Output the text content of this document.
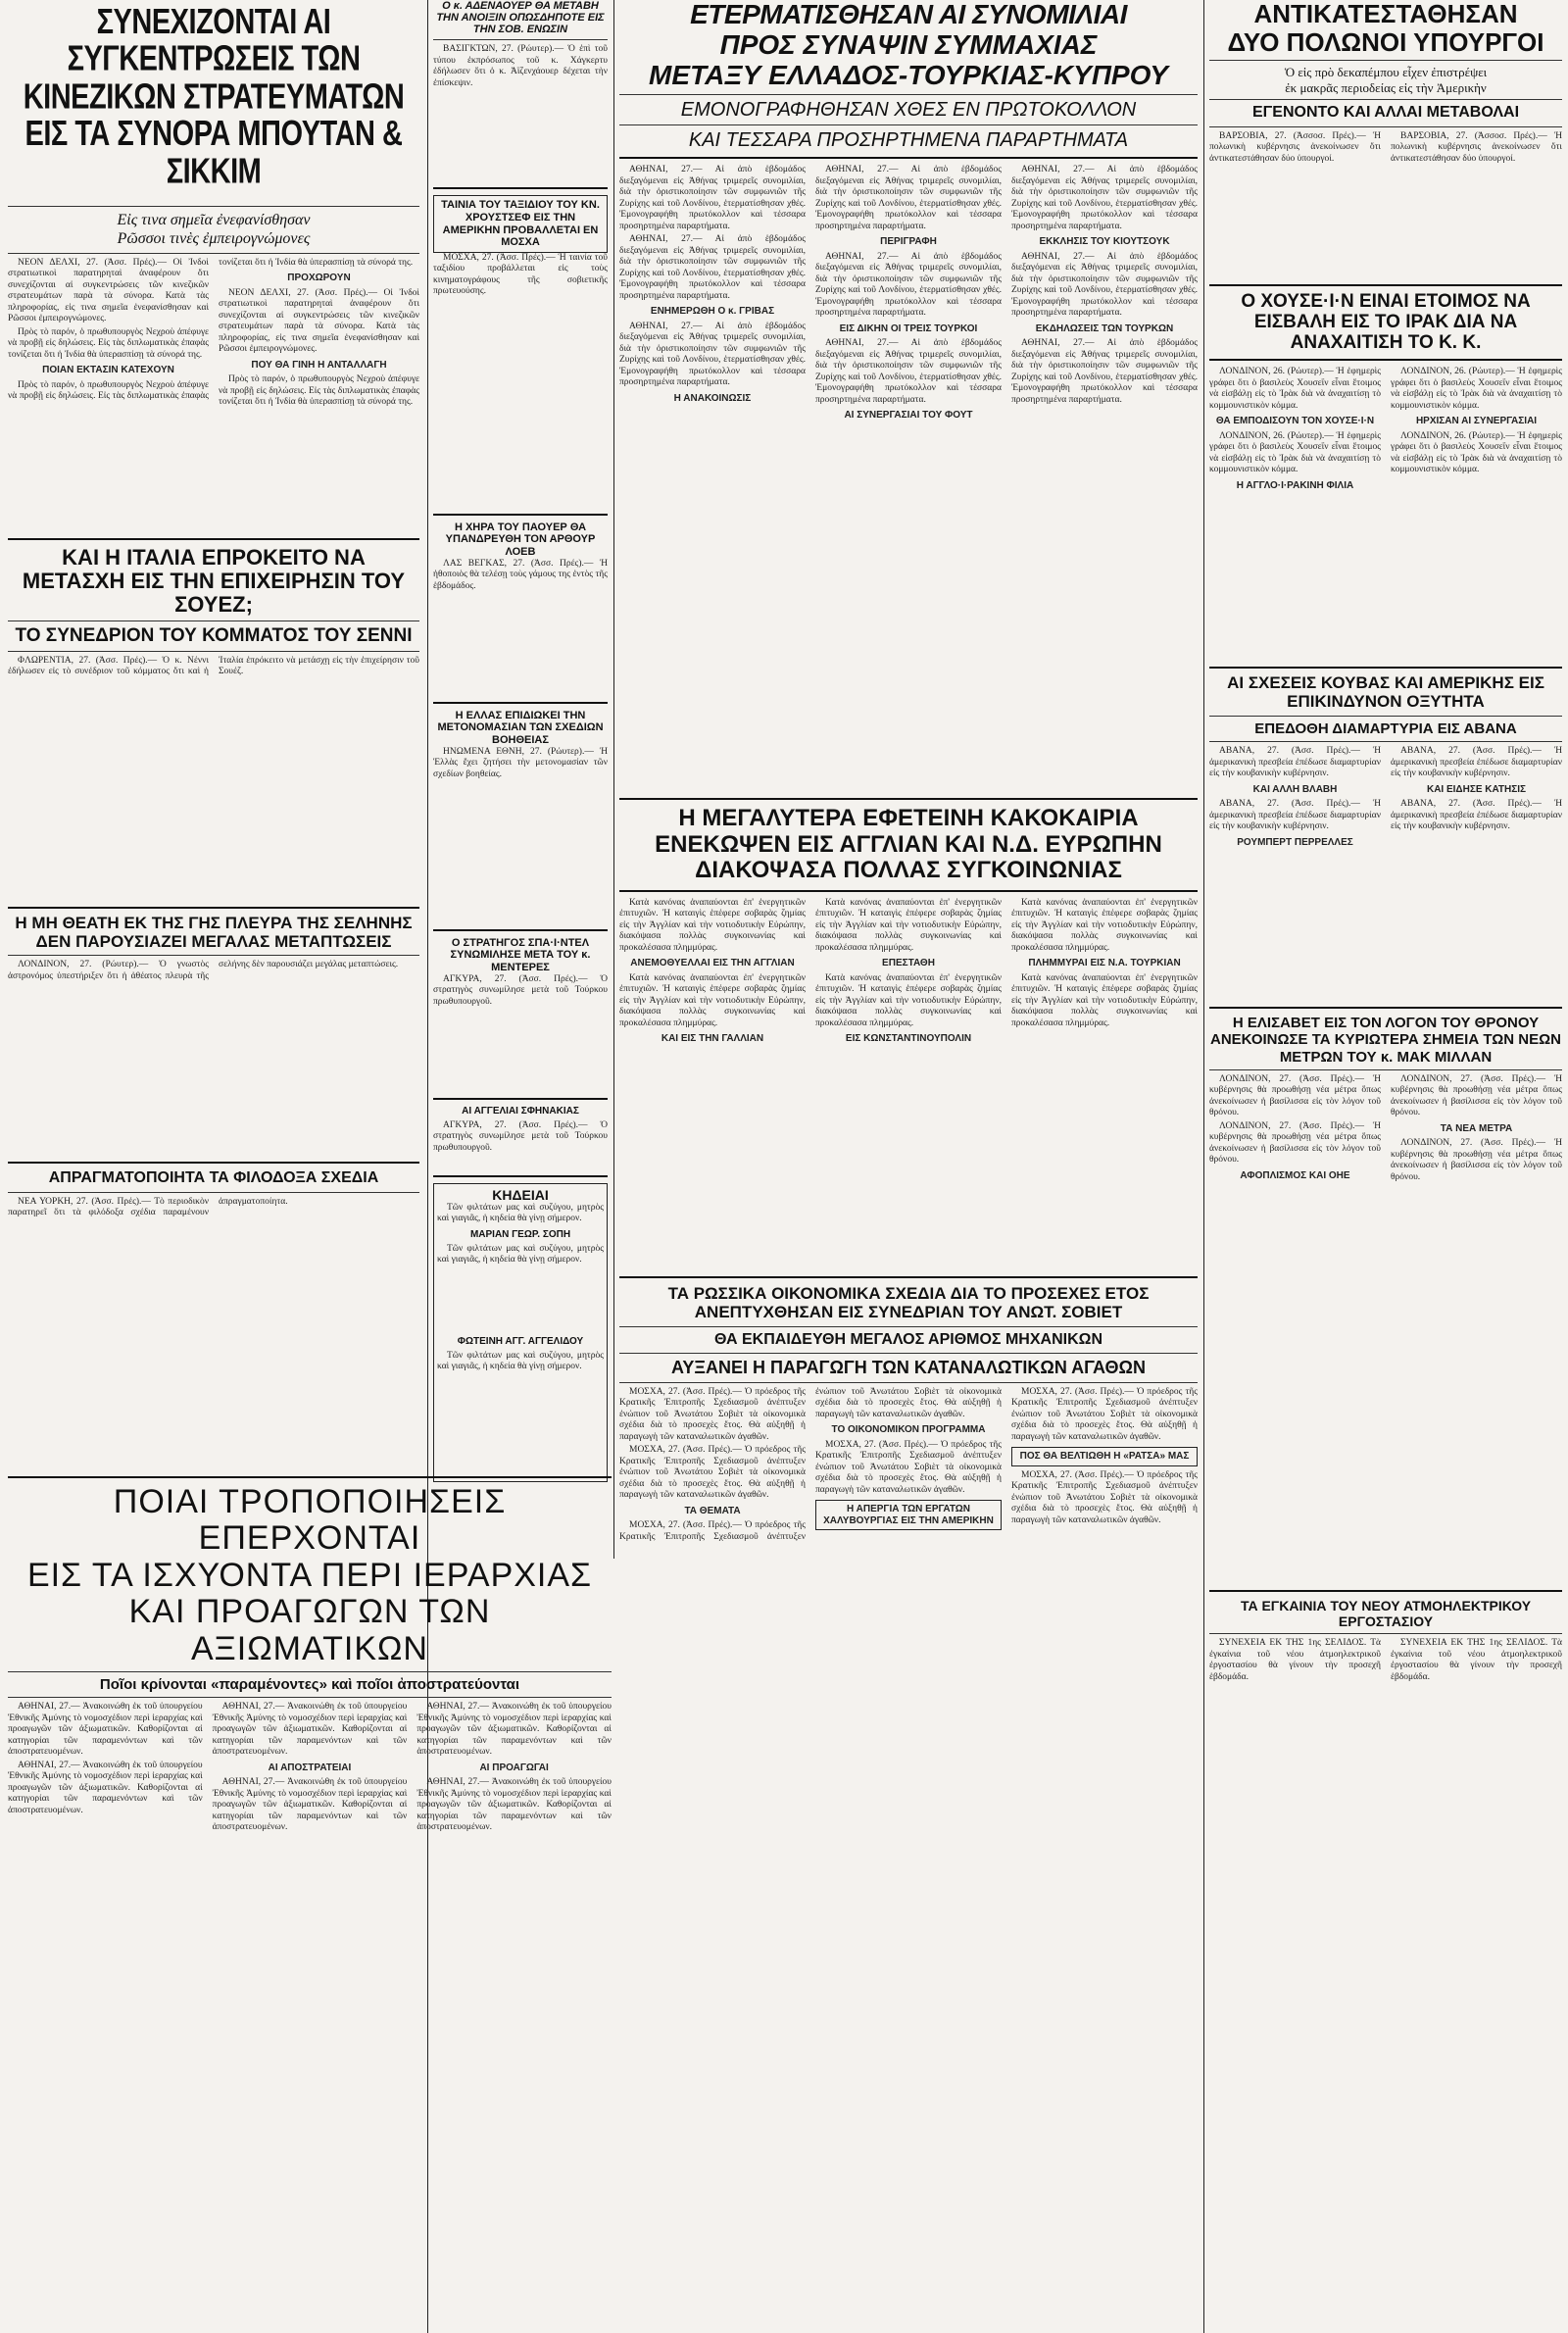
ΣΥΝΕΧΙΖΟΝΤΑΙ ΑΙ ΣΥΓΚΕΝΤΡΩΣΕΙΣ ΤΩΝ ΚΙΝΕΖΙΚΩΝ ΣΤΡΑΤΕΥΜΑΤΩΝ ΕΙΣ ΤΑ ΣΥΝΟΡΑ ΜΠΟΥΤΑΝ & ΣΙΚΚΙΜ
Εἰς τινα σημεῖα ἐνεφανίσθησαν
Ρῶσσοι τινὲς ἐμπειρογνώμονες

ΝΕΟΝ ΔΕΛΧΙ, 27. (Ἀσσ. Πρές).— Οἱ Ἰνδοὶ στρατιωτικοὶ παρατηρηταὶ ἀναφέρουν ὅτι συνεχίζονται αἱ συγκεντρώσεις τῶν κινεζικῶν στρατευμάτων παρὰ τὰ σύνορα. Κατὰ τὰς πληροφορίας, εἰς τινα σημεῖα ἐνεφανίσθησαν καὶ Ρῶσσοι ἐμπειρογνώμονες.

Πρὸς τὸ παρόν, ὁ πρωθυπουργὸς Νεχροὺ ἀπέφυγε νὰ προβῇ εἰς δηλώσεις. Εἰς τὰς διπλωματικὰς ἐπαφὰς τονίζεται ὅτι ἡ Ἰνδία θὰ ὑπερασπίσῃ τὰ σύνορά της.

ΠΟΙΑΝ ΕΚΤΑΣΙΝ ΚΑΤΕΧΟΥΝ

Πρὸς τὸ παρόν, ὁ πρωθυπουργὸς Νεχροὺ ἀπέφυγε νὰ προβῇ εἰς δηλώσεις. Εἰς τὰς διπλωματικὰς ἐπαφὰς τονίζεται ὅτι ἡ Ἰνδία θὰ ὑπερασπίσῃ τὰ σύνορά της.

ΠΡΟΧΩΡΟΥΝ

ΝΕΟΝ ΔΕΛΧΙ, 27. (Ἀσσ. Πρές).— Οἱ Ἰνδοὶ στρατιωτικοὶ παρατηρηταὶ ἀναφέρουν ὅτι συνεχίζονται αἱ συγκεντρώσεις τῶν κινεζικῶν στρατευμάτων παρὰ τὰ σύνορα. Κατὰ τὰς πληροφορίας, εἰς τινα σημεῖα ἐνεφανίσθησαν καὶ Ρῶσσοι ἐμπειρογνώμονες.

ΠΟΥ ΘΑ ΓΙΝΗ Η ΑΝΤΑΛΛΑΓΗ

Πρὸς τὸ παρόν, ὁ πρωθυπουργὸς Νεχροὺ ἀπέφυγε νὰ προβῇ εἰς δηλώσεις. Εἰς τὰς διπλωματικὰς ἐπαφὰς τονίζεται ὅτι ἡ Ἰνδία θὰ ὑπερασπίσῃ τὰ σύνορά της.

ΚΑΙ Η ΙΤΑΛΙΑ ΕΠΡΟΚΕΙΤΟ ΝΑ ΜΕΤΑΣΧΗ ΕΙΣ ΤΗΝ ΕΠΙΧΕΙΡΗΣΙΝ ΤΟΥ ΣΟΥΕΖ;
ΤΟ ΣΥΝΕΔΡΙΟΝ ΤΟΥ ΚΟΜΜΑΤΟΣ ΤΟΥ ΣΕΝΝΙ

ΦΛΩΡΕΝΤΙΑ, 27. (Ἀσσ. Πρές).— Ὁ κ. Νέννι ἐδήλωσεν εἰς τὸ συνέδριον τοῦ κόμματος ὅτι καὶ ἡ Ἰταλία ἐπρόκειτο νὰ μετάσχῃ εἰς τὴν ἐπιχείρησιν τοῦ Σουέζ.

Η ΜΗ ΘΕΑΤΗ ΕΚ ΤΗΣ ΓΗΣ ΠΛΕΥΡΑ ΤΗΣ ΣΕΛΗΝΗΣ ΔΕΝ ΠΑΡΟΥΣΙΑΖΕΙ ΜΕΓΑΛΑΣ ΜΕΤΑΠΤΩΣΕΙΣ

ΛΟΝΔΙΝΟΝ, 27. (Ρώυτερ).— Ὁ γνωστὸς ἀστρονόμος ὑπεστήριξεν ὅτι ἡ ἀθέατος πλευρὰ τῆς σελήνης δὲν παρουσιάζει μεγάλας μεταπτώσεις.

ΑΠΡΑΓΜΑΤΟΠΟΙΗΤΑ ΤΑ ΦΙΛΟΔΟΞΑ ΣΧΕΔΙΑ

ΝΕΑ ΥΟΡΚΗ, 27. (Ἀσσ. Πρές).— Τὸ περιοδικὸν παρατηρεῖ ὅτι τὰ φιλόδοξα σχέδια παραμένουν ἀπραγματοποίητα.

Ο κ. ΑΔΕΝΑΟΥΕΡ ΘΑ ΜΕΤΑΒΗ ΤΗΝ ΑΝΟΙΞΙΝ ΟΠΩΣΔΗΠΟΤΕ ΕΙΣ ΤΗΝ ΣΟΒ. ΕΝΩΣΙΝ

ΒΑΣΙΓΚΤΩΝ, 27. (Ρώυτερ).— Ὁ ἐπὶ τοῦ τύπου ἐκπρόσωπος τοῦ κ. Χάγκερτυ ἐδήλωσεν ὅτι ὁ κ. Ἀϊζενχάουερ δέχεται τὴν ἐπίσκεψιν.

ΤΑΙΝΙΑ ΤΟΥ ΤΑΞΙΔΙΟΥ ΤΟΥ ΚΝ. ΧΡΟΥΣΤΣΕΦ ΕΙΣ ΤΗΝ ΑΜΕΡΙΚΗΝ ΠΡΟΒΑΛΛΕΤΑΙ ΕΝ ΜΟΣΧΑ

ΜΟΣΧΑ, 27. (Ἀσσ. Πρές).— Ἡ ταινία τοῦ ταξιδίου προβάλλεται εἰς τοὺς κινηματογράφους τῆς σοβιετικῆς πρωτευούσης.

Η ΧΗΡΑ ΤΟΥ ΠΑΟΥΕΡ ΘΑ ΥΠΑΝΔΡΕΥΘΗ ΤΟΝ ΑΡΘΟΥΡ ΛΟΕΒ

ΛΑΣ ΒΕΓΚΑΣ, 27. (Ἀσσ. Πρές).— Ἡ ἠθοποιὸς θὰ τελέσῃ τοὺς γάμους της ἐντὸς τῆς ἑβδομάδος.

Η ΕΛΛΑΣ ΕΠΙΔΙΩΚΕΙ ΤΗΝ ΜΕΤΟΝΟΜΑΣΙΑΝ ΤΩΝ ΣΧΕΔΙΩΝ ΒΟΗΘΕΙΑΣ

ΗΝΩΜΕΝΑ ΕΘΝΗ, 27. (Ρώυτερ).— Ἡ Ἑλλὰς ἔχει ζητήσει τὴν μετονομασίαν τῶν σχεδίων βοηθείας.

Ο ΣΤΡΑΤΗΓΟΣ ΣΠΑ·Ι·ΝΤΕΛ ΣΥΝΩΜΙΛΗΣΕ ΜΕΤΑ ΤΟΥ κ. ΜΕΝΤΕΡΕΣ

ΑΓΚΥΡΑ, 27. (Ἀσσ. Πρές).— Ὁ στρατηγὸς συνωμίλησε μετὰ τοῦ Τούρκου πρωθυπουργοῦ.

ΑΙ ΑΓΓΕΛΙΑΙ ΣΦΗΝΑΚΙΑΣ

ΑΓΚΥΡΑ, 27. (Ἀσσ. Πρές).— Ὁ στρατηγὸς συνωμίλησε μετὰ τοῦ Τούρκου πρωθυπουργοῦ.

ΚΗΔΕΙΑΙ

Τῶν φιλτάτων μας καὶ συζύγου, μητρὸς καὶ γιαγιᾶς, ἡ κηδεία θὰ γίνῃ σήμερον.

ΜΑΡΙΑΝ ΓΕΩΡ. ΣΟΠΗ

Τῶν φιλτάτων μας καὶ συζύγου, μητρὸς καὶ γιαγιᾶς, ἡ κηδεία θὰ γίνῃ σήμερον.

ΦΩΤΕΙΝΗ ΑΓΓ. ΑΓΓΕΛΙΔΟΥ

Τῶν φιλτάτων μας καὶ συζύγου, μητρὸς καὶ γιαγιᾶς, ἡ κηδεία θὰ γίνῃ σήμερον.

ΕΤΕΡΜΑΤΙΣΘΗΣΑΝ ΑΙ ΣΥΝΟΜΙΛΙΑΙ
ΠΡΟΣ ΣΥΝΑΨΙΝ ΣΥΜΜΑΧΙΑΣ
ΜΕΤΑΞΥ ΕΛΛΑΔΟΣ-ΤΟΥΡΚΙΑΣ-ΚΥΠΡΟΥ
ΕΜΟΝΟΓΡΑΦΗΘΗΣΑΝ ΧΘΕΣ ΕΝ ΠΡΩΤΟΚΟΛΛΟΝ
ΚΑΙ ΤΕΣΣΑΡΑ ΠΡΟΣΗΡΤΗΜΕΝΑ ΠΑΡΑΡΤΗΜΑΤΑ

ΑΘΗΝΑΙ, 27.— Αἱ ἀπὸ ἑβδομάδος διεξαγόμεναι εἰς Ἀθήνας τριμερεῖς συνομιλίαι, διὰ τὴν ὁριστικοποίησιν τῶν συμφωνιῶν τῆς Ζυρίχης καὶ τοῦ Λονδίνου, ἐτερματίσθησαν χθές. Ἐμονογραφήθη πρωτόκολλον καὶ τέσσαρα προσηρτημένα παραρτήματα.

ΑΘΗΝΑΙ, 27.— Αἱ ἀπὸ ἑβδομάδος διεξαγόμεναι εἰς Ἀθήνας τριμερεῖς συνομιλίαι, διὰ τὴν ὁριστικοποίησιν τῶν συμφωνιῶν τῆς Ζυρίχης καὶ τοῦ Λονδίνου, ἐτερματίσθησαν χθές. Ἐμονογραφήθη πρωτόκολλον καὶ τέσσαρα προσηρτημένα παραρτήματα.

ΕΝΗΜΕΡΩΘΗ Ο κ. ΓΡΙΒΑΣ

ΑΘΗΝΑΙ, 27.— Αἱ ἀπὸ ἑβδομάδος διεξαγόμεναι εἰς Ἀθήνας τριμερεῖς συνομιλίαι, διὰ τὴν ὁριστικοποίησιν τῶν συμφωνιῶν τῆς Ζυρίχης καὶ τοῦ Λονδίνου, ἐτερματίσθησαν χθές. Ἐμονογραφήθη πρωτόκολλον καὶ τέσσαρα προσηρτημένα παραρτήματα.

Η ΑΝΑΚΟΙΝΩΣΙΣ

ΑΘΗΝΑΙ, 27.— Αἱ ἀπὸ ἑβδομάδος διεξαγόμεναι εἰς Ἀθήνας τριμερεῖς συνομιλίαι, διὰ τὴν ὁριστικοποίησιν τῶν συμφωνιῶν τῆς Ζυρίχης καὶ τοῦ Λονδίνου, ἐτερματίσθησαν χθές. Ἐμονογραφήθη πρωτόκολλον καὶ τέσσαρα προσηρτημένα παραρτήματα.

ΠΕΡΙΓΡΑΦΗ

ΑΘΗΝΑΙ, 27.— Αἱ ἀπὸ ἑβδομάδος διεξαγόμεναι εἰς Ἀθήνας τριμερεῖς συνομιλίαι, διὰ τὴν ὁριστικοποίησιν τῶν συμφωνιῶν τῆς Ζυρίχης καὶ τοῦ Λονδίνου, ἐτερματίσθησαν χθές. Ἐμονογραφήθη πρωτόκολλον καὶ τέσσαρα προσηρτημένα παραρτήματα.

ΕΙΣ ΔΙΚΗΝ ΟΙ ΤΡΕΙΣ ΤΟΥΡΚΟΙ

ΑΘΗΝΑΙ, 27.— Αἱ ἀπὸ ἑβδομάδος διεξαγόμεναι εἰς Ἀθήνας τριμερεῖς συνομιλίαι, διὰ τὴν ὁριστικοποίησιν τῶν συμφωνιῶν τῆς Ζυρίχης καὶ τοῦ Λονδίνου, ἐτερματίσθησαν χθές. Ἐμονογραφήθη πρωτόκολλον καὶ τέσσαρα προσηρτημένα παραρτήματα.

ΑΙ ΣΥΝΕΡΓΑΣΙΑΙ ΤΟΥ ΦΟΥΤ

ΑΘΗΝΑΙ, 27.— Αἱ ἀπὸ ἑβδομάδος διεξαγόμεναι εἰς Ἀθήνας τριμερεῖς συνομιλίαι, διὰ τὴν ὁριστικοποίησιν τῶν συμφωνιῶν τῆς Ζυρίχης καὶ τοῦ Λονδίνου, ἐτερματίσθησαν χθές. Ἐμονογραφήθη πρωτόκολλον καὶ τέσσαρα προσηρτημένα παραρτήματα.

ΕΚΚΛΗΣΙΣ ΤΟΥ ΚΙΟΥΤΣΟΥΚ

ΑΘΗΝΑΙ, 27.— Αἱ ἀπὸ ἑβδομάδος διεξαγόμεναι εἰς Ἀθήνας τριμερεῖς συνομιλίαι, διὰ τὴν ὁριστικοποίησιν τῶν συμφωνιῶν τῆς Ζυρίχης καὶ τοῦ Λονδίνου, ἐτερματίσθησαν χθές. Ἐμονογραφήθη πρωτόκολλον καὶ τέσσαρα προσηρτημένα παραρτήματα.

ΕΚΔΗΛΩΣΕΙΣ ΤΩΝ ΤΟΥΡΚΩΝ

ΑΘΗΝΑΙ, 27.— Αἱ ἀπὸ ἑβδομάδος διεξαγόμεναι εἰς Ἀθήνας τριμερεῖς συνομιλίαι, διὰ τὴν ὁριστικοποίησιν τῶν συμφωνιῶν τῆς Ζυρίχης καὶ τοῦ Λονδίνου, ἐτερματίσθησαν χθές. Ἐμονογραφήθη πρωτόκολλον καὶ τέσσαρα προσηρτημένα παραρτήματα.

Η ΜΕΓΑΛΥΤΕΡΑ ΕΦΕΤΕΙΝΗ ΚΑΚΟΚΑΙΡΙΑ
ΕΝΕΚΩΨΕΝ ΕΙΣ ΑΓΓΛΙΑΝ ΚΑΙ Ν.Δ. ΕΥΡΩΠΗΝ
ΔΙΑΚΟΨΑΣΑ ΠΟΛΛΑΣ ΣΥΓΚΟΙΝΩΝΙΑΣ

Κατὰ κανόνας ἀναπαύονται ἐπ' ἐνεργητικῶν ἐπιτυχιῶν. Ἡ καταιγὶς ἐπέφερε σοβαρὰς ζημίας εἰς τὴν Ἀγγλίαν καὶ τὴν νοτιοδυτικὴν Εὐρώπην, διακόψασα πολλὰς συγκοινωνίας καὶ προκαλέσασα πλημμύρας.

ΑΝΕΜΟΘΥΕΛΛΑΙ ΕΙΣ ΤΗΝ ΑΓΓΛΙΑΝ

Κατὰ κανόνας ἀναπαύονται ἐπ' ἐνεργητικῶν ἐπιτυχιῶν. Ἡ καταιγὶς ἐπέφερε σοβαρὰς ζημίας εἰς τὴν Ἀγγλίαν καὶ τὴν νοτιοδυτικὴν Εὐρώπην, διακόψασα πολλὰς συγκοινωνίας καὶ προκαλέσασα πλημμύρας.

ΚΑΙ ΕΙΣ ΤΗΝ ΓΑΛΛΙΑΝ

Κατὰ κανόνας ἀναπαύονται ἐπ' ἐνεργητικῶν ἐπιτυχιῶν. Ἡ καταιγὶς ἐπέφερε σοβαρὰς ζημίας εἰς τὴν Ἀγγλίαν καὶ τὴν νοτιοδυτικὴν Εὐρώπην, διακόψασα πολλὰς συγκοινωνίας καὶ προκαλέσασα πλημμύρας.

ΕΠΕΣΤΑΘΗ

Κατὰ κανόνας ἀναπαύονται ἐπ' ἐνεργητικῶν ἐπιτυχιῶν. Ἡ καταιγὶς ἐπέφερε σοβαρὰς ζημίας εἰς τὴν Ἀγγλίαν καὶ τὴν νοτιοδυτικὴν Εὐρώπην, διακόψασα πολλὰς συγκοινωνίας καὶ προκαλέσασα πλημμύρας.

ΕΙΣ ΚΩΝΣΤΑΝΤΙΝΟΥΠΟΛΙΝ

Κατὰ κανόνας ἀναπαύονται ἐπ' ἐνεργητικῶν ἐπιτυχιῶν. Ἡ καταιγὶς ἐπέφερε σοβαρὰς ζημίας εἰς τὴν Ἀγγλίαν καὶ τὴν νοτιοδυτικὴν Εὐρώπην, διακόψασα πολλὰς συγκοινωνίας καὶ προκαλέσασα πλημμύρας.

ΠΛΗΜΜΥΡΑΙ ΕΙΣ Ν.Α. ΤΟΥΡΚΙΑΝ

Κατὰ κανόνας ἀναπαύονται ἐπ' ἐνεργητικῶν ἐπιτυχιῶν. Ἡ καταιγὶς ἐπέφερε σοβαρὰς ζημίας εἰς τὴν Ἀγγλίαν καὶ τὴν νοτιοδυτικὴν Εὐρώπην, διακόψασα πολλὰς συγκοινωνίας καὶ προκαλέσασα πλημμύρας.

ΤΑ ΡΩΣΣΙΚΑ ΟΙΚΟΝΟΜΙΚΑ ΣΧΕΔΙΑ ΔΙΑ ΤΟ ΠΡΟΣΕΧΕΣ ΕΤΟΣ
ΑΝΕΠΤΥΧΘΗΣΑΝ ΕΙΣ ΣΥΝΕΔΡΙΑΝ ΤΟΥ ΑΝΩΤ. ΣΟΒΙΕΤ
ΘΑ ΕΚΠΑΙΔΕΥΘΗ ΜΕΓΑΛΟΣ ΑΡΙΘΜΟΣ ΜΗΧΑΝΙΚΩΝ
ΑΥΞΑΝΕΙ Η ΠΑΡΑΓΩΓΗ ΤΩΝ ΚΑΤΑΝΑΛΩΤΙΚΩΝ ΑΓΑΘΩΝ

ΜΟΣΧΑ, 27. (Ἀσσ. Πρές).— Ὁ πρόεδρος τῆς Κρατικῆς Ἐπιτροπῆς Σχεδιασμοῦ ἀνέπτυξεν ἐνώπιον τοῦ Ἀνωτάτου Σοβιὲτ τὰ οἰκονομικὰ σχέδια διὰ τὸ προσεχὲς ἔτος. Θὰ αὐξηθῇ ἡ παραγωγὴ τῶν καταναλωτικῶν ἀγαθῶν.

ΜΟΣΧΑ, 27. (Ἀσσ. Πρές).— Ὁ πρόεδρος τῆς Κρατικῆς Ἐπιτροπῆς Σχεδιασμοῦ ἀνέπτυξεν ἐνώπιον τοῦ Ἀνωτάτου Σοβιὲτ τὰ οἰκονομικὰ σχέδια διὰ τὸ προσεχὲς ἔτος. Θὰ αὐξηθῇ ἡ παραγωγὴ τῶν καταναλωτικῶν ἀγαθῶν.

ΤΑ ΘΕΜΑΤΑ

ΜΟΣΧΑ, 27. (Ἀσσ. Πρές).— Ὁ πρόεδρος τῆς Κρατικῆς Ἐπιτροπῆς Σχεδιασμοῦ ἀνέπτυξεν ἐνώπιον τοῦ Ἀνωτάτου Σοβιὲτ τὰ οἰκονομικὰ σχέδια διὰ τὸ προσεχὲς ἔτος. Θὰ αὐξηθῇ ἡ παραγωγὴ τῶν καταναλωτικῶν ἀγαθῶν.

ΤΟ ΟΙΚΟΝΟΜΙΚΟΝ ΠΡΟΓΡΑΜΜΑ

ΜΟΣΧΑ, 27. (Ἀσσ. Πρές).— Ὁ πρόεδρος τῆς Κρατικῆς Ἐπιτροπῆς Σχεδιασμοῦ ἀνέπτυξεν ἐνώπιον τοῦ Ἀνωτάτου Σοβιὲτ τὰ οἰκονομικὰ σχέδια διὰ τὸ προσεχὲς ἔτος. Θὰ αὐξηθῇ ἡ παραγωγὴ τῶν καταναλωτικῶν ἀγαθῶν.

Η ΑΠΕΡΓΙΑ ΤΩΝ ΕΡΓΑΤΩΝ ΧΑΛΥΒΟΥΡΓΙΑΣ ΕΙΣ ΤΗΝ ΑΜΕΡΙΚΗΝ

ΜΟΣΧΑ, 27. (Ἀσσ. Πρές).— Ὁ πρόεδρος τῆς Κρατικῆς Ἐπιτροπῆς Σχεδιασμοῦ ἀνέπτυξεν ἐνώπιον τοῦ Ἀνωτάτου Σοβιὲτ τὰ οἰκονομικὰ σχέδια διὰ τὸ προσεχὲς ἔτος. Θὰ αὐξηθῇ ἡ παραγωγὴ τῶν καταναλωτικῶν ἀγαθῶν.

ΠΟΣ ΘΑ ΒΕΛΤΙΩΘΗ Η «ΡΑΤΣΑ» ΜΑΣ

ΜΟΣΧΑ, 27. (Ἀσσ. Πρές).— Ὁ πρόεδρος τῆς Κρατικῆς Ἐπιτροπῆς Σχεδιασμοῦ ἀνέπτυξεν ἐνώπιον τοῦ Ἀνωτάτου Σοβιὲτ τὰ οἰκονομικὰ σχέδια διὰ τὸ προσεχὲς ἔτος. Θὰ αὐξηθῇ ἡ παραγωγὴ τῶν καταναλωτικῶν ἀγαθῶν.

ΑΝΤΙΚΑΤΕΣΤΑΘΗΣΑΝ
ΔΥΟ ΠΟΛΩΝΟΙ ΥΠΟΥΡΓΟΙ
Ὁ εἰς πρὸ δεκαπέμπου εἶχεν ἐπιστρέψει
ἐκ μακρᾶς περιοδείας εἰς τὴν Ἀμερικὴν
ΕΓΕΝΟΝΤΟ ΚΑΙ ΑΛΛΑΙ ΜΕΤΑΒΟΛΑΙ

ΒΑΡΣΟΒΙΑ, 27. (Ἀσσοσ. Πρές).— Ἡ πολωνικὴ κυβέρνησις ἀνεκοίνωσεν ὅτι ἀντικατεστάθησαν δύο ὑπουργοί.

ΒΑΡΣΟΒΙΑ, 27. (Ἀσσοσ. Πρές).— Ἡ πολωνικὴ κυβέρνησις ἀνεκοίνωσεν ὅτι ἀντικατεστάθησαν δύο ὑπουργοί.

Ο ΧΟΥΣΕ·Ι·Ν ΕΙΝΑΙ ΕΤΟΙΜΟΣ ΝΑ ΕΙΣΒΑΛΗ ΕΙΣ ΤΟ ΙΡΑΚ ΔΙΑ ΝΑ ΑΝΑΧΑΙΤΙΣΗ ΤΟ Κ. Κ.

ΛΟΝΔΙΝΟΝ, 26. (Ρώυτερ).— Ἡ ἐφημερὶς γράφει ὅτι ὁ βασιλεὺς Χουσεΐν εἶναι ἕτοιμος νὰ εἰσβάλῃ εἰς τὸ Ἰρὰκ διὰ νὰ ἀναχαιτίσῃ τὸ κομμουνιστικὸν κόμμα.

ΘΑ ΕΜΠΟΔΙΣΟΥΝ ΤΟΝ ΧΟΥΣΕ·Ι·Ν

ΛΟΝΔΙΝΟΝ, 26. (Ρώυτερ).— Ἡ ἐφημερὶς γράφει ὅτι ὁ βασιλεὺς Χουσεΐν εἶναι ἕτοιμος νὰ εἰσβάλῃ εἰς τὸ Ἰρὰκ διὰ νὰ ἀναχαιτίσῃ τὸ κομμουνιστικὸν κόμμα.

Η ΑΓΓΛΟ·Ι·ΡΑΚΙΝΗ ΦΙΛΙΑ

ΛΟΝΔΙΝΟΝ, 26. (Ρώυτερ).— Ἡ ἐφημερὶς γράφει ὅτι ὁ βασιλεὺς Χουσεΐν εἶναι ἕτοιμος νὰ εἰσβάλῃ εἰς τὸ Ἰρὰκ διὰ νὰ ἀναχαιτίσῃ τὸ κομμουνιστικὸν κόμμα.

ΗΡΧΙΣΑΝ ΑΙ ΣΥΝΕΡΓΑΣΙΑΙ

ΛΟΝΔΙΝΟΝ, 26. (Ρώυτερ).— Ἡ ἐφημερὶς γράφει ὅτι ὁ βασιλεὺς Χουσεΐν εἶναι ἕτοιμος νὰ εἰσβάλῃ εἰς τὸ Ἰρὰκ διὰ νὰ ἀναχαιτίσῃ τὸ κομμουνιστικὸν κόμμα.

ΑΙ ΣΧΕΣΕΙΣ ΚΟΥΒΑΣ ΚΑΙ ΑΜΕΡΙΚΗΣ ΕΙΣ ΕΠΙΚΙΝΔΥΝΟΝ ΟΞΥΤΗΤΑ
ΕΠΕΔΟΘΗ ΔΙΑΜΑΡΤΥΡΙΑ ΕΙΣ ΑΒΑΝΑ

ΑΒΑΝΑ, 27. (Ἀσσ. Πρές).— Ἡ ἀμερικανικὴ πρεσβεία ἐπέδωσε διαμαρτυρίαν εἰς τὴν κουβανικὴν κυβέρνησιν.

ΚΑΙ ΑΛΛΗ ΒΛΑΒΗ

ΑΒΑΝΑ, 27. (Ἀσσ. Πρές).— Ἡ ἀμερικανικὴ πρεσβεία ἐπέδωσε διαμαρτυρίαν εἰς τὴν κουβανικὴν κυβέρνησιν.

ΡΟΥΜΠΕΡΤ ΠΕΡΡΕΛΛΕΣ

ΑΒΑΝΑ, 27. (Ἀσσ. Πρές).— Ἡ ἀμερικανικὴ πρεσβεία ἐπέδωσε διαμαρτυρίαν εἰς τὴν κουβανικὴν κυβέρνησιν.

ΚΑΙ ΕΙΔΗΣΕ ΚΑΤΗΣΙΣ

ΑΒΑΝΑ, 27. (Ἀσσ. Πρές).— Ἡ ἀμερικανικὴ πρεσβεία ἐπέδωσε διαμαρτυρίαν εἰς τὴν κουβανικὴν κυβέρνησιν.

Η ΕΛΙΣΑΒΕΤ ΕΙΣ ΤΟΝ ΛΟΓΟΝ ΤΟΥ ΘΡΟΝΟΥ ΑΝΕΚΟΙΝΩΣΕ ΤΑ ΚΥΡΙΩΤΕΡΑ ΣΗΜΕΙΑ ΤΩΝ ΝΕΩΝ ΜΕΤΡΩΝ ΤΟΥ κ. ΜΑΚ ΜΙΛΛΑΝ

ΛΟΝΔΙΝΟΝ, 27. (Ἀσσ. Πρές).— Ἡ κυβέρνησις θὰ προωθήσῃ νέα μέτρα ὅπως ἀνεκοίνωσεν ἡ βασίλισσα εἰς τὸν λόγον τοῦ θρόνου.

ΛΟΝΔΙΝΟΝ, 27. (Ἀσσ. Πρές).— Ἡ κυβέρνησις θὰ προωθήσῃ νέα μέτρα ὅπως ἀνεκοίνωσεν ἡ βασίλισσα εἰς τὸν λόγον τοῦ θρόνου.

ΑΦΟΠΛΙΣΜΟΣ ΚΑΙ ΟΗΕ

ΛΟΝΔΙΝΟΝ, 27. (Ἀσσ. Πρές).— Ἡ κυβέρνησις θὰ προωθήσῃ νέα μέτρα ὅπως ἀνεκοίνωσεν ἡ βασίλισσα εἰς τὸν λόγον τοῦ θρόνου.

ΤΑ ΝΕΑ ΜΕΤΡΑ

ΛΟΝΔΙΝΟΝ, 27. (Ἀσσ. Πρές).— Ἡ κυβέρνησις θὰ προωθήσῃ νέα μέτρα ὅπως ἀνεκοίνωσεν ἡ βασίλισσα εἰς τὸν λόγον τοῦ θρόνου.

ΤΑ ΕΓΚΑΙΝΙΑ ΤΟΥ ΝΕΟΥ ΑΤΜΟΗΛΕΚΤΡΙΚΟΥ ΕΡΓΟΣΤΑΣΙΟΥ

ΣΥΝΕΧΕΙΑ ΕΚ ΤΗΣ 1ης ΣΕΛΙΔΟΣ. Τὰ ἐγκαίνια τοῦ νέου ἀτμοηλεκτρικοῦ ἐργοστασίου θὰ γίνουν τὴν προσεχῆ ἑβδομάδα.

ΣΥΝΕΧΕΙΑ ΕΚ ΤΗΣ 1ης ΣΕΛΙΔΟΣ. Τὰ ἐγκαίνια τοῦ νέου ἀτμοηλεκτρικοῦ ἐργοστασίου θὰ γίνουν τὴν προσεχῆ ἑβδομάδα.

ΠΟΙΑΙ ΤΡΟΠΟΠΟΙΗΣΕΙΣ ΕΠΕΡΧΟΝΤΑΙ
ΕΙΣ ΤΑ ΙΣΧΥΟΝΤΑ ΠΕΡΙ ΙΕΡΑΡΧΙΑΣ
ΚΑΙ ΠΡΟΑΓΩΓΩΝ ΤΩΝ ΑΞΙΩΜΑΤΙΚΩΝ
Ποῖοι κρίνονται «παραμένοντες» καὶ ποῖοι ἀποστρατεύονται

ΑΘΗΝΑΙ, 27.— Ἀνακοινώθη ἐκ τοῦ ὑπουργείου Ἐθνικῆς Ἀμύνης τὸ νομοσχέδιον περὶ ἱεραρχίας καὶ προαγωγῶν τῶν ἀξιωματικῶν. Καθορίζονται αἱ κατηγορίαι τῶν παραμενόντων καὶ τῶν ἀποστρατευομένων.

ΑΘΗΝΑΙ, 27.— Ἀνακοινώθη ἐκ τοῦ ὑπουργείου Ἐθνικῆς Ἀμύνης τὸ νομοσχέδιον περὶ ἱεραρχίας καὶ προαγωγῶν τῶν ἀξιωματικῶν. Καθορίζονται αἱ κατηγορίαι τῶν παραμενόντων καὶ τῶν ἀποστρατευομένων.

ΑΘΗΝΑΙ, 27.— Ἀνακοινώθη ἐκ τοῦ ὑπουργείου Ἐθνικῆς Ἀμύνης τὸ νομοσχέδιον περὶ ἱεραρχίας καὶ προαγωγῶν τῶν ἀξιωματικῶν. Καθορίζονται αἱ κατηγορίαι τῶν παραμενόντων καὶ τῶν ἀποστρατευομένων.

ΑΙ ΑΠΟΣΤΡΑΤΕΙΑΙ

ΑΘΗΝΑΙ, 27.— Ἀνακοινώθη ἐκ τοῦ ὑπουργείου Ἐθνικῆς Ἀμύνης τὸ νομοσχέδιον περὶ ἱεραρχίας καὶ προαγωγῶν τῶν ἀξιωματικῶν. Καθορίζονται αἱ κατηγορίαι τῶν παραμενόντων καὶ τῶν ἀποστρατευομένων.

ΑΘΗΝΑΙ, 27.— Ἀνακοινώθη ἐκ τοῦ ὑπουργείου Ἐθνικῆς Ἀμύνης τὸ νομοσχέδιον περὶ ἱεραρχίας καὶ προαγωγῶν τῶν ἀξιωματικῶν. Καθορίζονται αἱ κατηγορίαι τῶν παραμενόντων καὶ τῶν ἀποστρατευομένων.

ΑΙ ΠΡΟΑΓΩΓΑΙ

ΑΘΗΝΑΙ, 27.— Ἀνακοινώθη ἐκ τοῦ ὑπουργείου Ἐθνικῆς Ἀμύνης τὸ νομοσχέδιον περὶ ἱεραρχίας καὶ προαγωγῶν τῶν ἀξιωματικῶν. Καθορίζονται αἱ κατηγορίαι τῶν παραμενόντων καὶ τῶν ἀποστρατευομένων.
